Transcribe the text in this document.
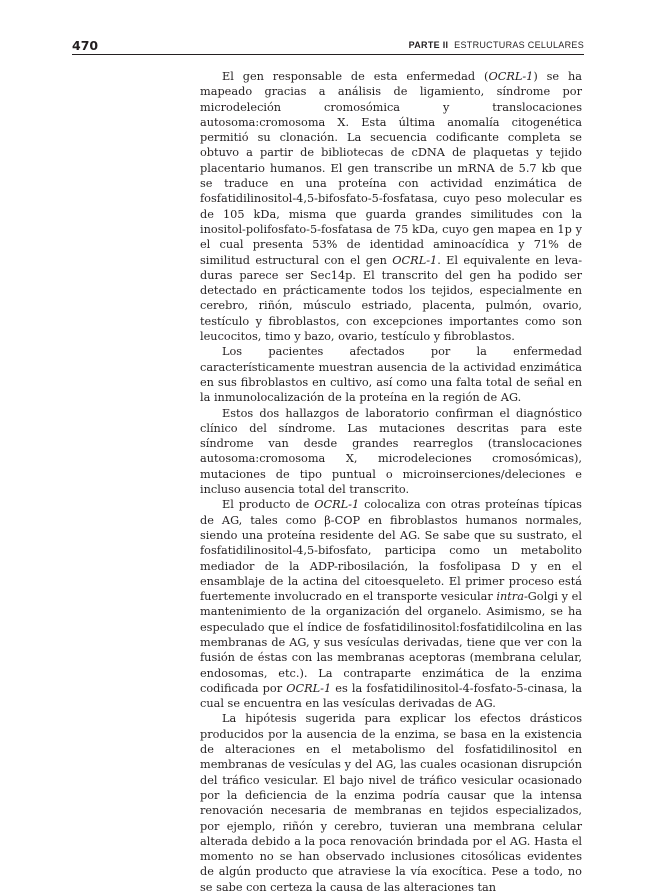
470	PARTE II ESTRUCTURAS CELULARES

El gen responsable de esta enfermedad (OCRL-1) se ha mapeado gracias a análisis de ligamiento, síndrome por microdeleción cromosómica y translocaciones autosoma:cromosoma X. Esta última anomalía citogenética permitió su clonación. La secuencia codificante completa se obtuvo a partir de bibliotecas de cDNA de plaquetas y tejido placentario humanos. El gen transcribe un mRNA de 5.7 kb que se traduce en una proteína con actividad enzimática de fosfatidilinositol-4,5-bifosfato-5-fosfatasa, cuyo peso molecular es de 105 kDa, misma que guarda grandes similitudes con la inositol-polifosfato-5-fosfatasa de 75 kDa, cuyo gen mapea en 1p y el cual presenta 53% de identidad aminoacídica y 71% de similitud estructural con el gen OCRL-1. El equivalente en levaduras parece ser Sec14p. El transcrito del gen ha podido ser detectado en prácticamente todos los tejidos, especialmente en cerebro, riñón, músculo estriado, placenta, pulmón, ovario, testículo y fibroblastos, con excepciones importantes como son leucocitos, timo y bazo, ovario, testículo y fibroblastos.

Los pacientes afectados por la enfermedad característicamente muestran ausencia de la actividad enzimática en sus fibroblastos en cultivo, así como una falta total de señal en la inmunolocalización de la proteína en la región de AG.

Estos dos hallazgos de laboratorio confirman el diagnóstico clínico del síndrome. Las mutaciones descritas para este síndrome van desde grandes rearreglos (translocaciones autosoma:cromosoma X, microdeleciones cromosómicas), mutaciones de tipo puntual o microinserciones/deleciones e incluso ausencia total del transcrito.

El producto de OCRL-1 colocaliza con otras proteínas típicas de AG, tales como β-COP en fibroblastos humanos normales, siendo una proteína residente del AG. Se sabe que su sustrato, el fosfatidilinositol-4,5-bifosfato, participa como un metabolito mediador de la ADP-ribosilación, la fosfolipasa D y en el ensamblaje de la actina del citoesqueleto. El primer proceso está fuertemente involucrado en el transporte vesicular intra-Golgi y el mantenimiento de la organización del organelo. Asimismo, se ha especulado que el índice de fosfatidilinositol:fosfatidilcolina en las membranas de AG, y sus vesículas derivadas, tiene que ver con la fusión de éstas con las membranas aceptoras (membrana celular, endosomas, etc.). La contraparte enzimática de la enzima codificada por OCRL-1 es la fosfatidilinositol-4-fosfato-5-cinasa, la cual se encuentra en las vesículas derivadas de AG.

La hipótesis sugerida para explicar los efectos drásticos producidos por la ausencia de la enzima, se basa en la existencia de alteraciones en el metabolismo del fosfatidilinositol en membranas de vesículas y del AG, las cuales ocasionan disrupción del tráfico vesicular. El bajo nivel de tráfico vesicular ocasionado por la deficiencia de la enzima podría causar que la intensa renovación necesaria de membranas en tejidos especializados, por ejemplo, riñón y cerebro, tuvieran una membrana celular alterada debido a la poca renovación brindada por el AG. Hasta el momento no se han observado inclusiones citosólicas evidentes de algún producto que atraviese la vía exocítica. Pese a todo, no se sabe con certeza la causa de las alteraciones tan
